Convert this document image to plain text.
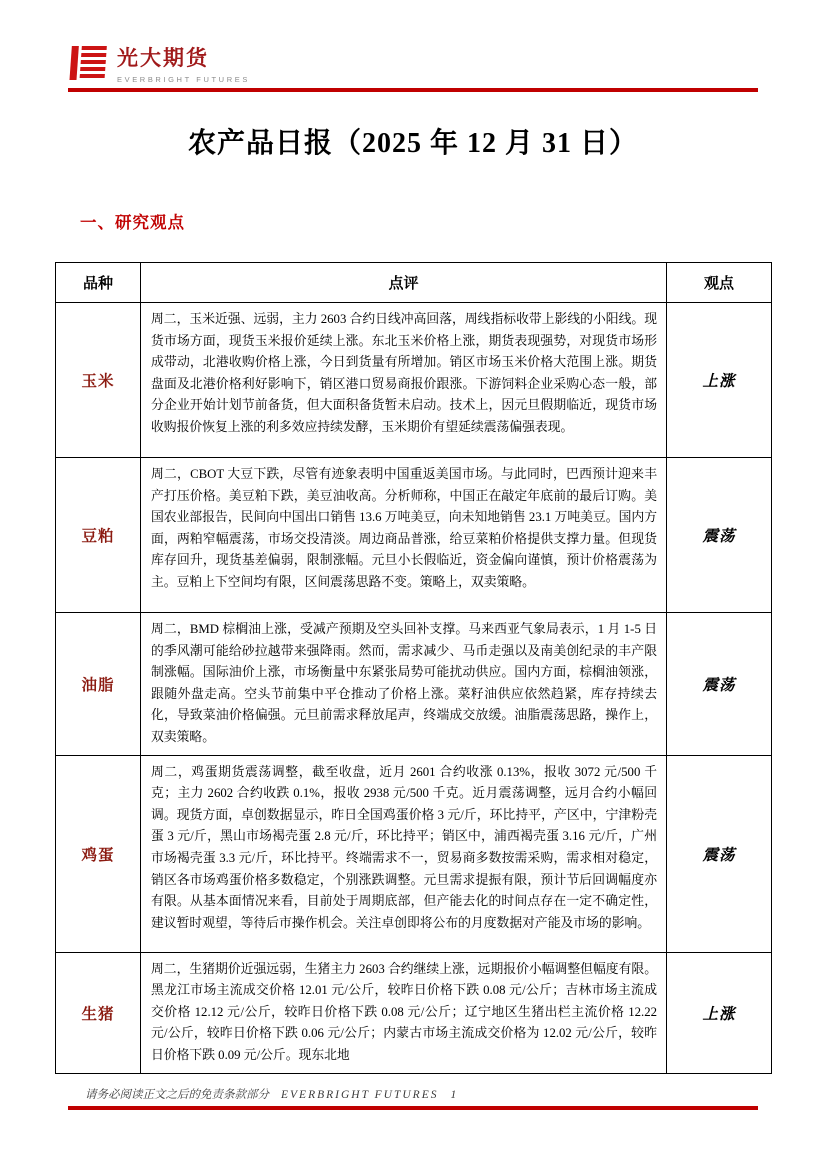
光大期货
EVERBRIGHT FUTURES
农产品日报（2025 年 12 月 31 日）
一、研究观点
品种	点评	观点
玉米	周二，玉米近强、远弱，主力 2603 合约日线冲高回落，周线指标收带上影线的小阳线。现货市场方面，现货玉米报价延续上涨。东北玉米价格上涨，期货表现强势，对现货市场形成带动，北港收购价格上涨，今日到货量有所增加。销区市场玉米价格大范围上涨。期货盘面及北港价格利好影响下，销区港口贸易商报价跟涨。下游饲料企业采购心态一般，部分企业开始计划节前备货，但大面积备货暂未启动。技术上，因元旦假期临近，现货市场收购报价恢复上涨的利多效应持续发酵，玉米期价有望延续震荡偏强表现。	上涨
豆粕	周二，CBOT 大豆下跌，尽管有迹象表明中国重返美国市场。与此同时，巴西预计迎来丰产打压价格。美豆粕下跌，美豆油收高。分析师称，中国正在敲定年底前的最后订购。美国农业部报告，民间向中国出口销售 13.6 万吨美豆，向未知地销售 23.1 万吨美豆。国内方面，两粕窄幅震荡，市场交投清淡。周边商品普涨，给豆菜粕价格提供支撑力量。但现货库存回升，现货基差偏弱，限制涨幅。元旦小长假临近，资金偏向谨慎，预计价格震荡为主。豆粕上下空间均有限，区间震荡思路不变。策略上，双卖策略。	震荡
油脂	周二，BMD 棕榈油上涨，受减产预期及空头回补支撑。马来西亚气象局表示，1 月 1-5 日的季风潮可能给砂拉越带来强降雨。然而，需求减少、马币走强以及南美创纪录的丰产限制涨幅。国际油价上涨，市场衡量中东紧张局势可能扰动供应。国内方面，棕榈油领涨，跟随外盘走高。空头节前集中平仓推动了价格上涨。菜籽油供应依然趋紧，库存持续去化，导致菜油价格偏强。元旦前需求释放尾声，终端成交放缓。油脂震荡思路，操作上，双卖策略。	震荡
鸡蛋	周二，鸡蛋期货震荡调整，截至收盘，近月 2601 合约收涨 0.13%，报收 3072 元/500 千克；主力 2602 合约收跌 0.1%，报收 2938 元/500 千克。近月震荡调整，远月合约小幅回调。现货方面，卓创数据显示，昨日全国鸡蛋价格 3 元/斤，环比持平，产区中，宁津粉壳蛋 3 元/斤，黑山市场褐壳蛋 2.8 元/斤，环比持平；销区中，浦西褐壳蛋 3.16 元/斤，广州市场褐壳蛋 3.3 元/斤，环比持平。终端需求不一，贸易商多数按需采购，需求相对稳定，销区各市场鸡蛋价格多数稳定，个别涨跌调整。元旦需求提振有限，预计节后回调幅度亦有限。从基本面情况来看，目前处于周期底部，但产能去化的时间点存在一定不确定性，建议暂时观望，等待后市操作机会。关注卓创即将公布的月度数据对产能及市场的影响。	震荡
生猪	周二，生猪期价近强远弱，生猪主力 2603 合约继续上涨，远期报价小幅调整但幅度有限。黑龙江市场主流成交价格 12.01 元/公斤，较昨日价格下跌 0.08 元/公斤；吉林市场主流成交价格 12.12 元/公斤，较昨日价格下跌 0.08 元/公斤；辽宁地区生猪出栏主流价格 12.22 元/公斤，较昨日价格下跌 0.06 元/公斤；内蒙古市场主流成交价格为 12.02 元/公斤，较昨日价格下跌 0.09 元/公斤。现东北地	上涨
请务必阅读正文之后的免责条款部分 EVERBRIGHT FUTURES 1
